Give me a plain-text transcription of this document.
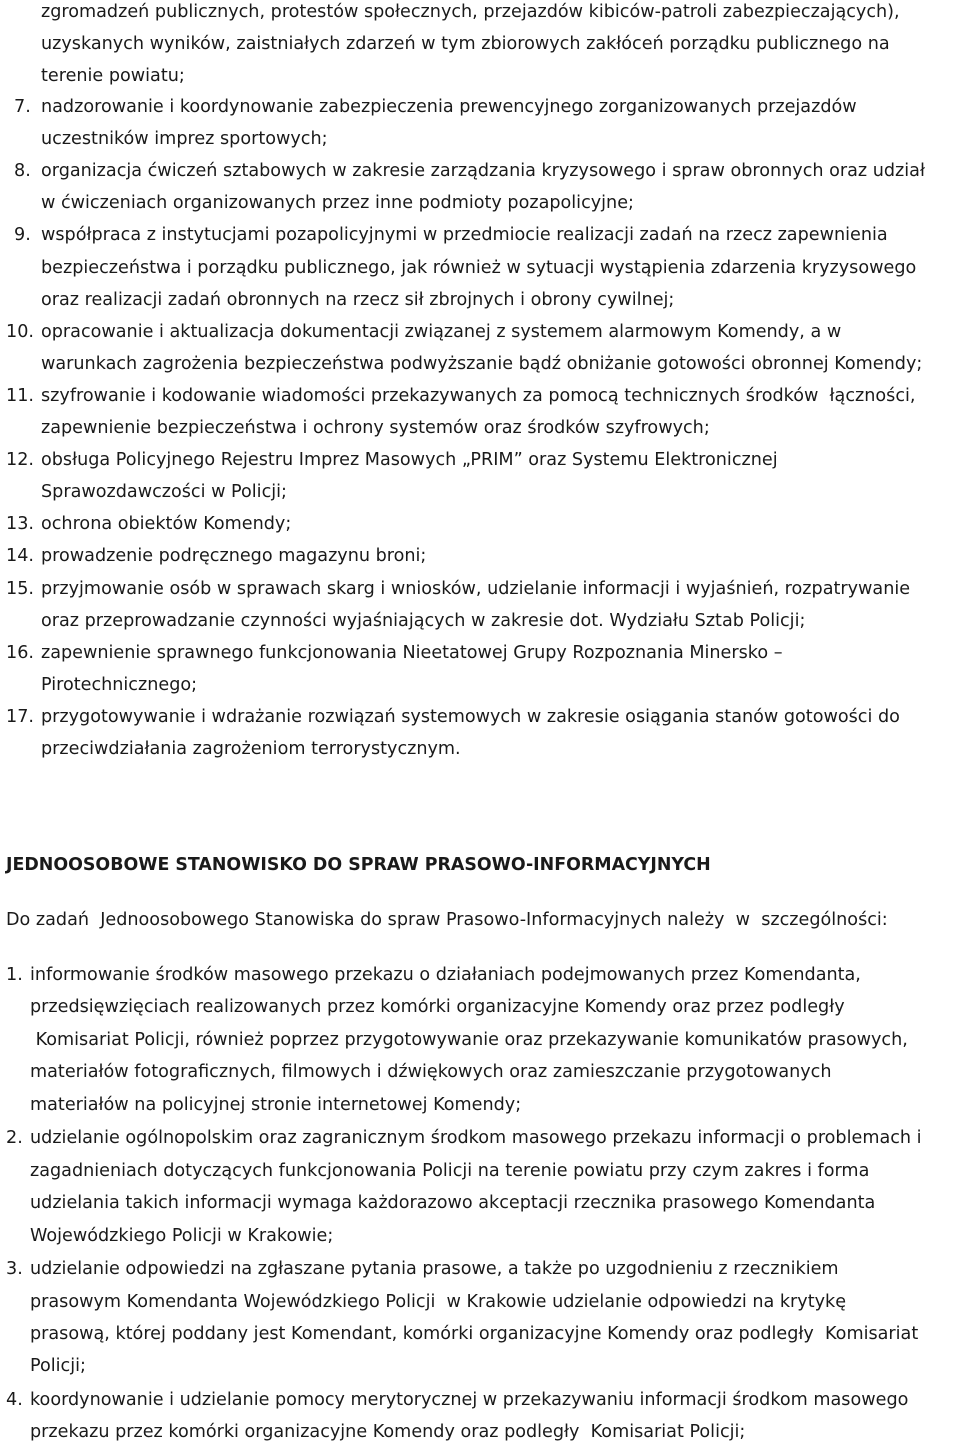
zgromadzeń publicznych, protestów społecznych, przejazdów kibiców-patroli zabezpieczających),
uzyskanych wyników, zaistniałych zdarzeń w tym zbiorowych zakłóceń porządku publicznego na
terenie powiatu;
7. nadzorowanie i koordynowanie zabezpieczenia prewencyjnego zorganizowanych przejazdów
uczestników imprez sportowych;
8. organizacja ćwiczeń sztabowych w zakresie zarządzania kryzysowego i spraw obronnych oraz udział
w ćwiczeniach organizowanych przez inne podmioty pozapolicyjne;
9. współpraca z instytucjami pozapolicyjnymi w przedmiocie realizacji zadań na rzecz zapewnienia
bezpieczeństwa i porządku publicznego, jak również w sytuacji wystąpienia zdarzenia kryzysowego
oraz realizacji zadań obronnych na rzecz sił zbrojnych i obrony cywilnej;
10. opracowanie i aktualizacja dokumentacji związanej z systemem alarmowym Komendy, a w
warunkach zagrożenia bezpieczeństwa podwyższanie bądź obniżanie gotowości obronnej Komendy;
11. szyfrowanie i kodowanie wiadomości przekazywanych za pomocą technicznych środków  łączności,
zapewnienie bezpieczeństwa i ochrony systemów oraz środków szyfrowych;
12. obsługa Policyjnego Rejestru Imprez Masowych „PRIM” oraz Systemu Elektronicznej
Sprawozdawczości w Policji;
13. ochrona obiektów Komendy;
14. prowadzenie podręcznego magazynu broni;
15. przyjmowanie osób w sprawach skarg i wniosków, udzielanie informacji i wyjaśnień, rozpatrywanie
oraz przeprowadzanie czynności wyjaśniających w zakresie dot. Wydziału Sztab Policji;
16. zapewnienie sprawnego funkcjonowania Nieetatowej Grupy Rozpoznania Minersko –
Pirotechnicznego;
17. przygotowywanie i wdrażanie rozwiązań systemowych w zakresie osiągania stanów gotowości do
przeciwdziałania zagrożeniom terrorystycznym.
JEDNOOSOBOWE STANOWISKO DO SPRAW PRASOWO-INFORMACYJNYCH
Do zadań  Jednoosobowego Stanowiska do spraw Prasowo-Informacyjnych należy  w  szczególności:
1. informowanie środków masowego przekazu o działaniach podejmowanych przez Komendanta,
przedsięwzięciach realizowanych przez komórki organizacyjne Komendy oraz przez podległy
Komisariat Policji, również poprzez przygotowywanie oraz przekazywanie komunikatów prasowych,
materiałów fotograficznych, filmowych i dźwiękowych oraz zamieszczanie przygotowanych
materiałów na policyjnej stronie internetowej Komendy;
2. udzielanie ogólnopolskim oraz zagranicznym środkom masowego przekazu informacji o problemach i
zagadnieniach dotyczących funkcjonowania Policji na terenie powiatu przy czym zakres i forma
udzielania takich informacji wymaga każdorazowo akceptacji rzecznika prasowego Komendanta
Wojewódzkiego Policji w Krakowie;
3. udzielanie odpowiedzi na zgłaszane pytania prasowe, a także po uzgodnieniu z rzecznikiem
prasowym Komendanta Wojewódzkiego Policji  w Krakowie udzielanie odpowiedzi na krytykę
prasową, której poddany jest Komendant, komórki organizacyjne Komendy oraz podległy  Komisariat
Policji;
4. koordynowanie i udzielanie pomocy merytorycznej w przekazywaniu informacji środkom masowego
przekazu przez komórki organizacyjne Komendy oraz podległy  Komisariat Policji;
